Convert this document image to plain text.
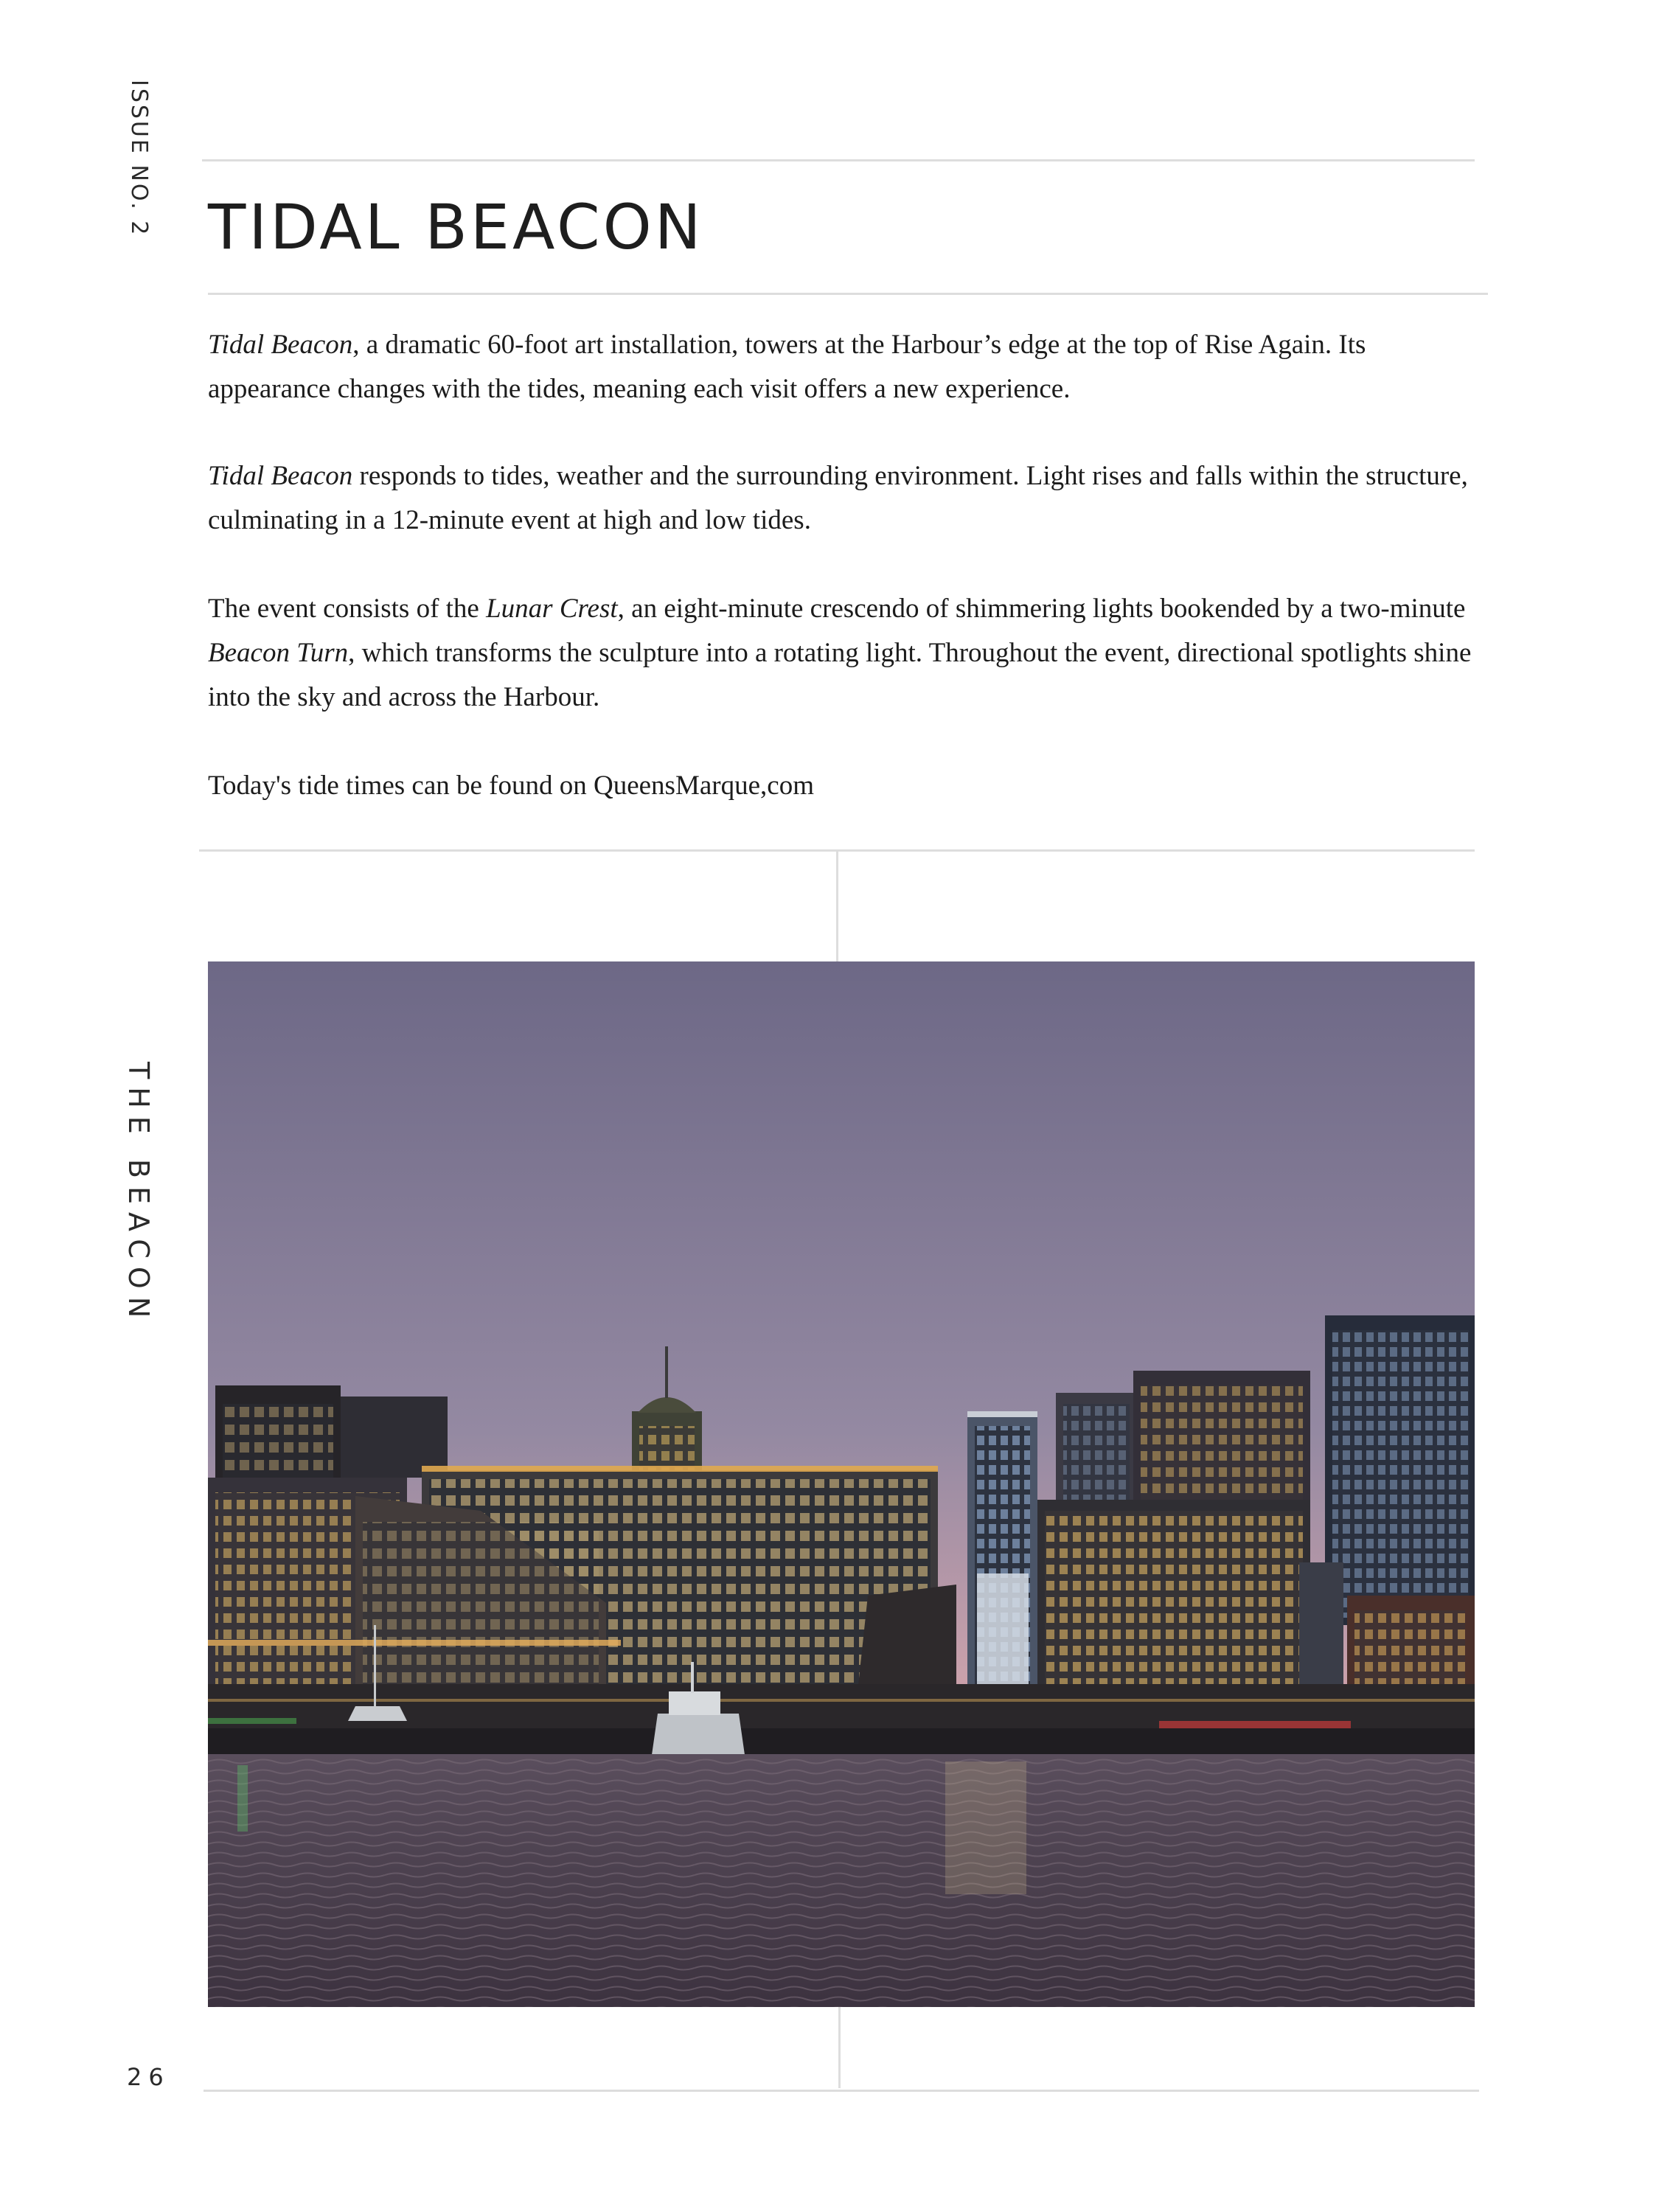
ISSUE NO. 2
THE BEACON
26
TIDAL BEACON

Tidal Beacon, a dramatic 60-foot art installation, towers at the Harbour’s edge at the top of Rise Again. Its appearance changes with the tides, meaning each visit offers a new experience.

Tidal Beacon responds to tides, weather and the surrounding environment. Light rises and falls within the structure, culminating in a 12-minute event at high and low tides.

The event consists of the Lunar Crest, an eight-minute crescendo of shimmering lights bookended by a two-minute Beacon Turn, which transforms the sculpture into a rotating light. Throughout the event, directional spotlights shine into the sky and across the Harbour.

Today's tide times can be found on QueensMarque,com
